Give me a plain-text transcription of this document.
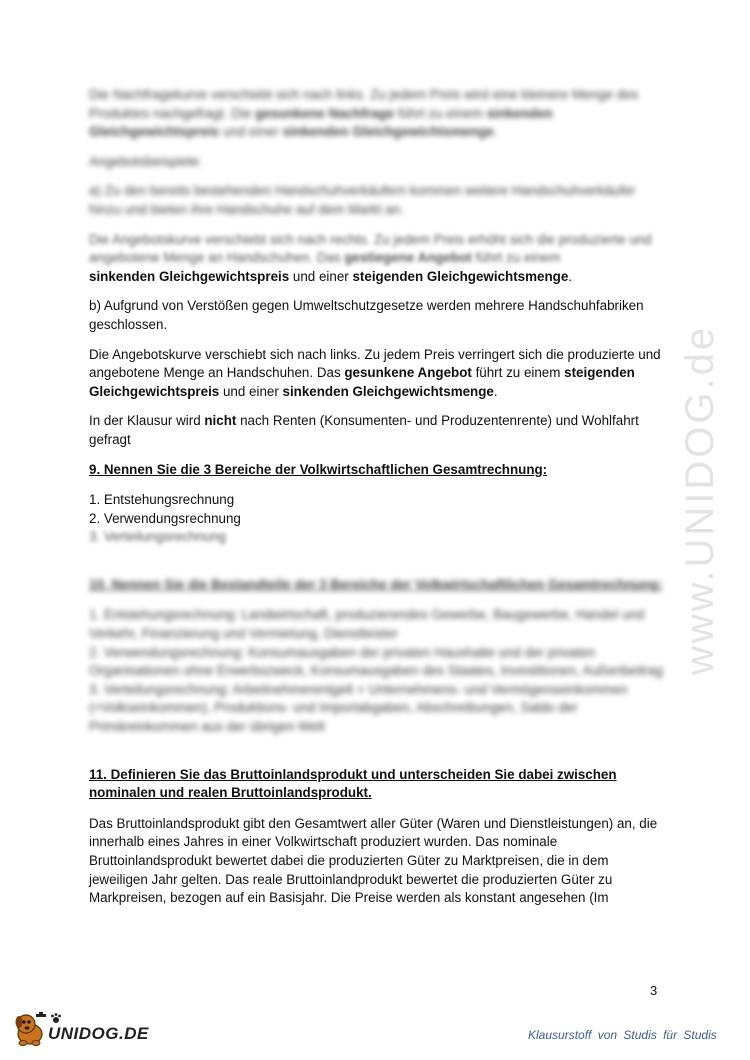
www.UNIDOG.de

Die Nachfragekurve verschiebt sich nach links. Zu jedem Preis wird eine kleinere Menge des Produktes nachgefragt. Die gesunkene Nachfrage führt zu einem sinkenden Gleichgewichtspreis und einer sinkenden Gleichgewichtsmenge.

Angebotsbeispiele:

a) Zu den bereits bestehenden Handschuhverkäufern kommen weitere Handschuhverkäufer hinzu und bieten ihre Handschuhe auf dem Markt an.

Die Angebotskurve verschiebt sich nach rechts. Zu jedem Preis erhöht sich die produzierte und angebotene Menge an Handschuhen. Das gestiegene Angebot führt zu einem

sinkenden Gleichgewichtspreis und einer steigenden Gleichgewichtsmenge.

b) Aufgrund von Verstößen gegen Umweltschutzgesetze werden mehrere Handschuhfabriken geschlossen.

Die Angebotskurve verschiebt sich nach links. Zu jedem Preis verringert sich die produzierte und angebotene Menge an Handschuhen. Das gesunkene Angebot führt zu einem steigenden Gleichgewichtspreis und einer sinkenden Gleichgewichtsmenge.

In der Klausur wird nicht nach Renten (Konsumenten- und Produzentenrente) und Wohlfahrt gefragt

9. Nennen Sie die 3 Bereiche der Volkwirtschaftlichen Gesamtrechnung:
1. Entstehungsrechnung
2. Verwendungsrechnung
3. Verteilungsrechnung
10. Nennen Sie die Bestandteile der 3 Bereiche der Volkwirtschaftlichen Gesamtrechnung:
1. Entstehungsrechnung: Landwirtschaft, produzierendes Gewerbe, Baugewerbe, Handel und Verkehr, Finanzierung und Vermietung, Dienstleister
2. Verwendungsrechnung: Konsumausgaben der privaten Haushalte und der privaten Organisationen ohne Erwerbszweck, Konsumausgaben des Staates, Investitionen, Außenbeitrag
3. Verteilungsrechnung: Arbeitnehmerentgelt + Unternehmens- und Vermögenseinkommen (=Volkseinkommen), Produktions- und Importabgaben, Abschreibungen, Saldo der Primäreinkommen aus der übrigen Welt
11. Definieren Sie das Bruttoinlandsprodukt und unterscheiden Sie dabei zwischen nominalen und realen Bruttoinlandsprodukt.

Das Bruttoinlandsprodukt gibt den Gesamtwert aller Güter (Waren und Dienstleistungen) an, die innerhalb eines Jahres in einer Volkwirtschaft produziert wurden. Das nominale Bruttoinlandsprodukt bewertet dabei die produzierten Güter zu Marktpreisen, die in dem jeweiligen Jahr gelten. Das reale Bruttoinlandprodukt bewertet die produzierten Güter zu Markpreisen, bezogen auf ein Basisjahr. Die Preise werden als konstant angesehen (Im

3
UNIDOG.DE	Klausurstoff von Studis für Studis
